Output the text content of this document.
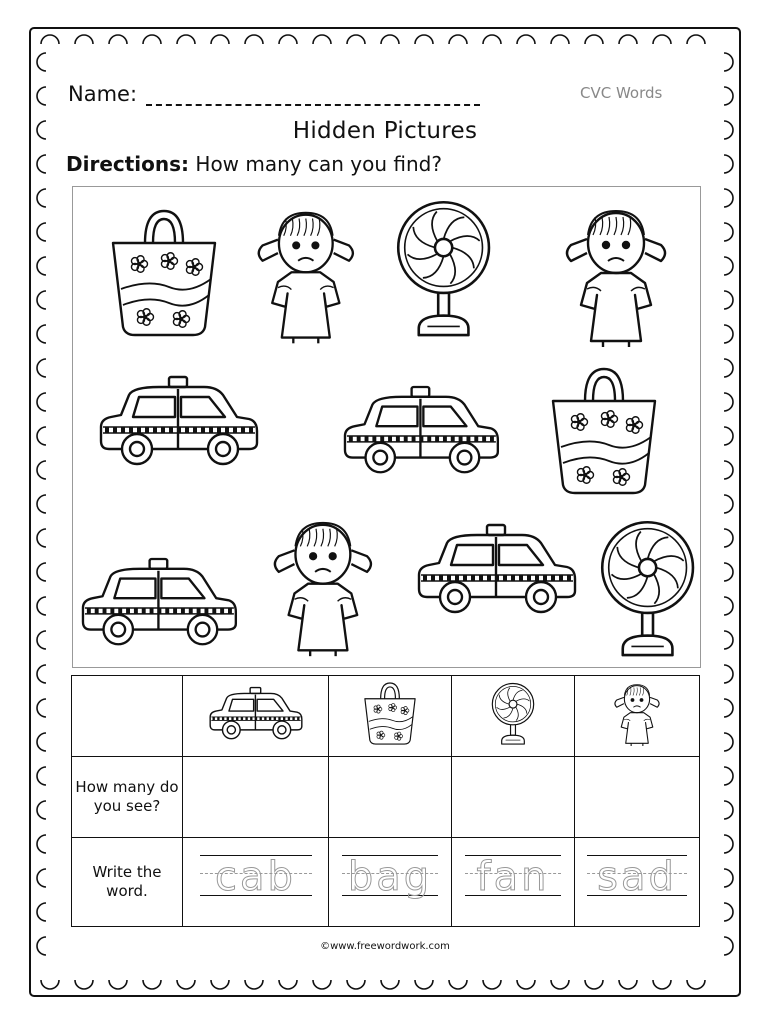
Name:	CVC Words
Hidden Pictures
Directions: How many can you find?

How many do you see?				
Write the word.	cab	bag	fan	sad
©www.freewordwork.com
